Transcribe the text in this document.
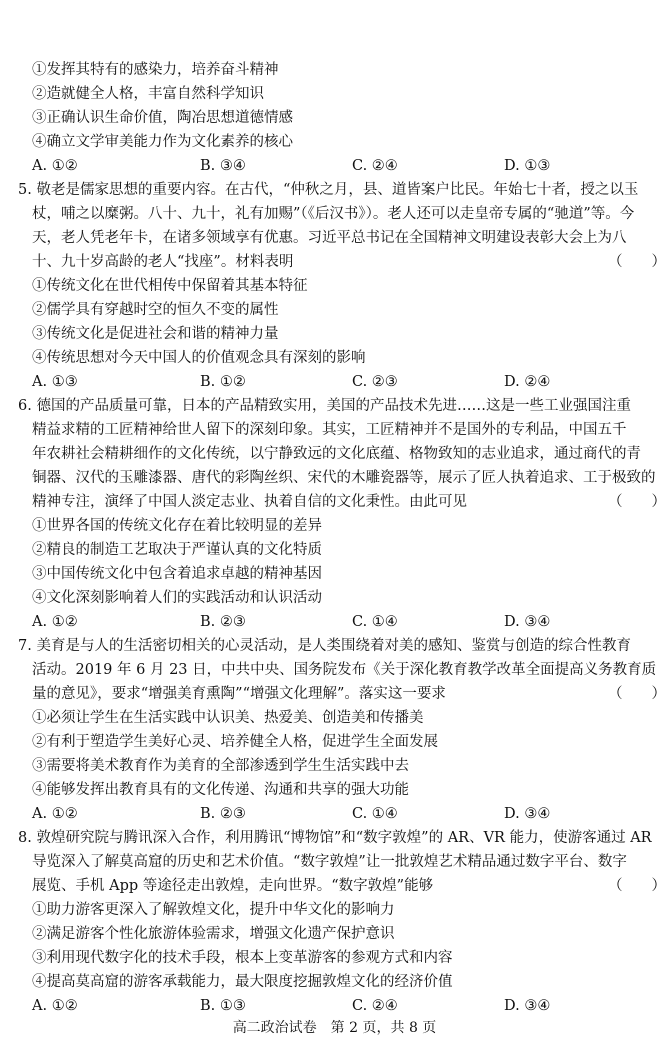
①发挥其特有的感染力，培养奋斗精神
②造就健全人格，丰富自然科学知识
③正确认识生命价值，陶冶思想道德情感
④确立文学审美能力作为文化素养的核心
A. ①②	B. ③④	C. ②④	D. ①③
5. 敬老是儒家思想的重要内容。在古代，“仲秋之月，县、道皆案户比民。年始七十者，授之以玉
杖，哺之以糜粥。八十、九十，礼有加赐”（《后汉书》）。老人还可以走皇帝专属的“驰道”等。今
天，老人凭老年卡，在诸多领域享有优惠。习近平总书记在全国精神文明建设表彰大会上为八
十、九十岁高龄的老人“找座”。材料表明	（　　）
①传统文化在世代相传中保留着其基本特征
②儒学具有穿越时空的恒久不变的属性
③传统文化是促进社会和谐的精神力量
④传统思想对今天中国人的价值观念具有深刻的影响
A. ①③	B. ①②	C. ②③	D. ②④
6. 德国的产品质量可靠，日本的产品精致实用，美国的产品技术先进……这是一些工业强国注重
精益求精的工匠精神给世人留下的深刻印象。其实，工匠精神并不是国外的专利品，中国五千
年农耕社会精耕细作的文化传统，以宁静致远的文化底蕴、格物致知的志业追求，通过商代的青
铜器、汉代的玉雕漆器、唐代的彩陶丝织、宋代的木雕瓷器等，展示了匠人执着追求、工于极致的
精神专注，演绎了中国人淡定志业、执着自信的文化秉性。由此可见	（　　）
①世界各国的传统文化存在着比较明显的差异
②精良的制造工艺取决于严谨认真的文化特质
③中国传统文化中包含着追求卓越的精神基因
④文化深刻影响着人们的实践活动和认识活动
A. ①②	B. ②③	C. ①④	D. ③④
7. 美育是与人的生活密切相关的心灵活动，是人类围绕着对美的感知、鉴赏与创造的综合性教育
活动。2019 年 6 月 23 日，中共中央、国务院发布《关于深化教育教学改革全面提高义务教育质
量的意见》，要求“增强美育熏陶”“增强文化理解”。落实这一要求	（　　）
①必须让学生在生活实践中认识美、热爱美、创造美和传播美
②有利于塑造学生美好心灵、培养健全人格，促进学生全面发展
③需要将美术教育作为美育的全部渗透到学生生活实践中去
④能够发挥出教育具有的文化传递、沟通和共享的强大功能
A. ①②	B. ②③	C. ①④	D. ③④
8. 敦煌研究院与腾讯深入合作，利用腾讯“博物馆”和“数字敦煌”的 AR、VR 能力，使游客通过 AR
导览深入了解莫高窟的历史和艺术价值。“数字敦煌”让一批敦煌艺术精品通过数字平台、数字
展览、手机 App 等途径走出敦煌，走向世界。“数字敦煌”能够	（　　）
①助力游客更深入了解敦煌文化，提升中华文化的影响力
②满足游客个性化旅游体验需求，增强文化遗产保护意识
③利用现代数字化的技术手段，根本上变革游客的参观方式和内容
④提高莫高窟的游客承载能力，最大限度挖掘敦煌文化的经济价值
A. ①②	B. ①③	C. ②④	D. ③④
高二政治试卷　第 2 页，共 8 页
